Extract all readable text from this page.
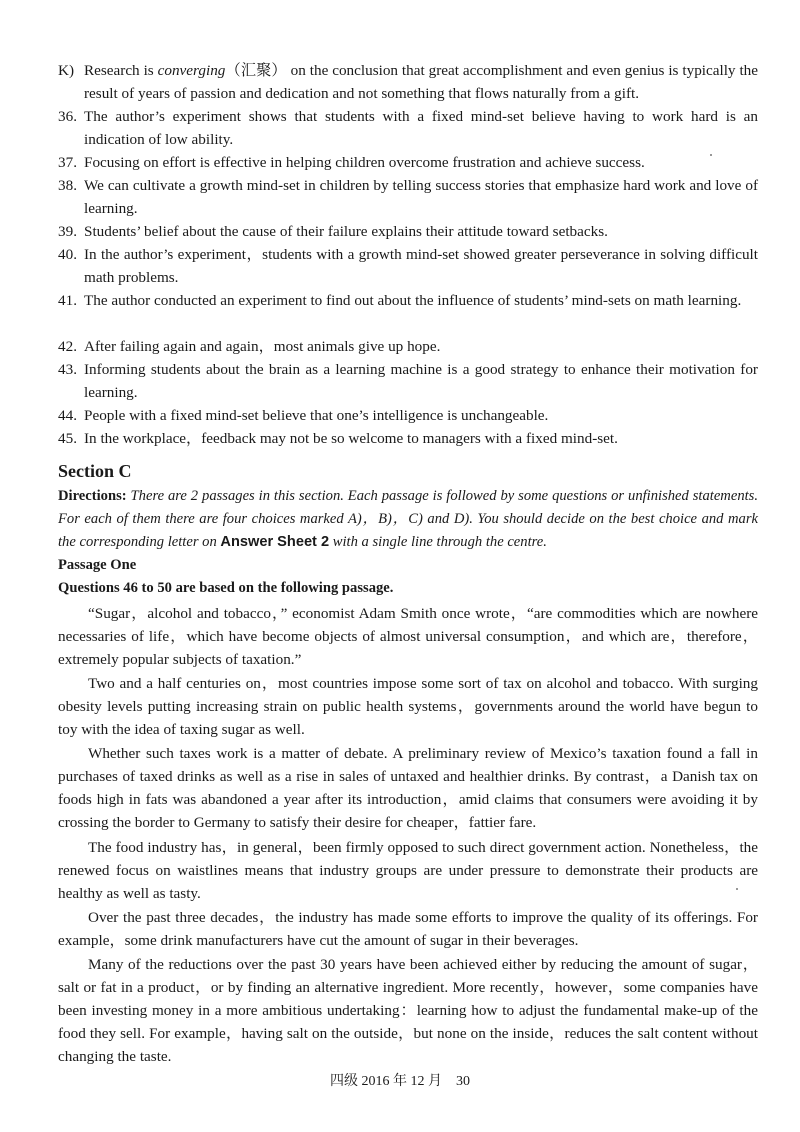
K) Research is converging（汇聚） on the conclusion that great accomplishment and even genius is typically the result of years of passion and dedication and not something that flows naturally from a gift.
36. The author’s experiment shows that students with a fixed mind-set believe having to work hard is an indication of low ability.
37. Focusing on effort is effective in helping children overcome frustration and achieve success.
38. We can cultivate a growth mind-set in children by telling success stories that emphasize hard work and love of learning.
39. Students’ belief about the cause of their failure explains their attitude toward setbacks.
40. In the author’s experiment，students with a growth mind-set showed greater perseverance in solving difficult math problems.
41. The author conducted an experiment to find out about the influence of students’ mind-sets on math learning.
42. After failing again and again，most animals give up hope.
43. Informing students about the brain as a learning machine is a good strategy to enhance their motivation for learning.
44. People with a fixed mind-set believe that one’s intelligence is unchangeable.
45. In the workplace，feedback may not be so welcome to managers with a fixed mind-set.
Section C
Directions: There are 2 passages in this section. Each passage is followed by some questions or unfinished statements. For each of them there are four choices marked A)，B)，C) and D). You should decide on the best choice and mark the corresponding letter on Answer Sheet 2 with a single line through the centre.
Passage One
Questions 46 to 50 are based on the following passage.
“Sugar，alcohol and tobacco，” economist Adam Smith once wrote，“are commodities which are nowhere necessaries of life，which have become objects of almost universal consumption，and which are，therefore，extremely popular subjects of taxation.”
Two and a half centuries on，most countries impose some sort of tax on alcohol and tobacco. With surging obesity levels putting increasing strain on public health systems，governments around the world have begun to toy with the idea of taxing sugar as well.
Whether such taxes work is a matter of debate. A preliminary review of Mexico’s taxation found a fall in purchases of taxed drinks as well as a rise in sales of untaxed and healthier drinks. By contrast，a Danish tax on foods high in fats was abandoned a year after its introduction，amid claims that consumers were avoiding it by crossing the border to Germany to satisfy their desire for cheaper，fattier fare.
The food industry has，in general，been firmly opposed to such direct government action. Nonetheless，the renewed focus on waistlines means that industry groups are under pressure to demonstrate their products are healthy as well as tasty.
Over the past three decades，the industry has made some efforts to improve the quality of its offerings. For example，some drink manufacturers have cut the amount of sugar in their beverages.
Many of the reductions over the past 30 years have been achieved either by reducing the amount of sugar，salt or fat in a product，or by finding an alternative ingredient. More recently，however，some companies have been investing money in a more ambitious undertaking：learning how to adjust the fundamental make-up of the food they sell. For example，having salt on the outside，but none on the inside，reduces the salt content without changing the taste.
四级 2016 年 12 月　30
